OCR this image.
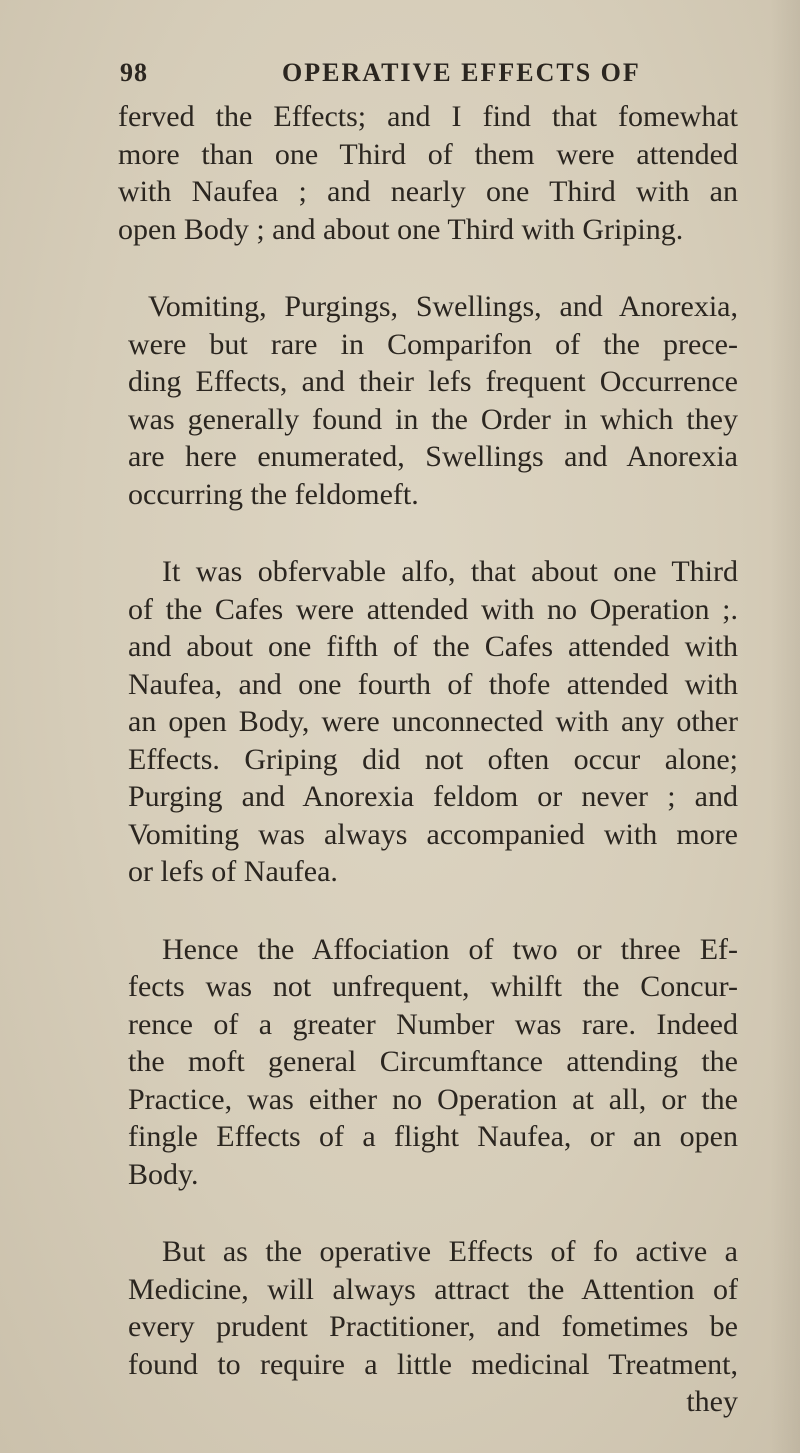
98	OPERATIVE EFFECTS OF
ferved the Effects; and I find that fomewhat
more than one Third of them were attended
with Naufea ; and nearly one Third with an
open Body ; and about one Third with Griping.
Vomiting, Purgings, Swellings, and Anorexia,
were but rare in Comparifon of the prece-
ding Effects, and their lefs frequent Occurrence
was generally found in the Order in which they
are here enumerated, Swellings and Anorexia
occurring the feldomeft.
It was obfervable alfo, that about one Third
of the Cafes were attended with no Operation ;.
and about one fifth of the Cafes attended with
Naufea, and one fourth of thofe attended with
an open Body, were unconnected with any other
Effects. Griping did not often occur alone;
Purging and Anorexia feldom or never ; and
Vomiting was always accompanied with more
or lefs of Naufea.
Hence the Affociation of two or three Ef-
fects was not unfrequent, whilft the Concur-
rence of a greater Number was rare. Indeed
the moft general Circumftance attending the
Practice, was either no Operation at all, or the
fingle Effects of a flight Naufea, or an open
Body.
But as the operative Effects of fo active a
Medicine, will always attract the Attention of
every prudent Practitioner, and fometimes be
found to require a little medicinal Treatment,
they
